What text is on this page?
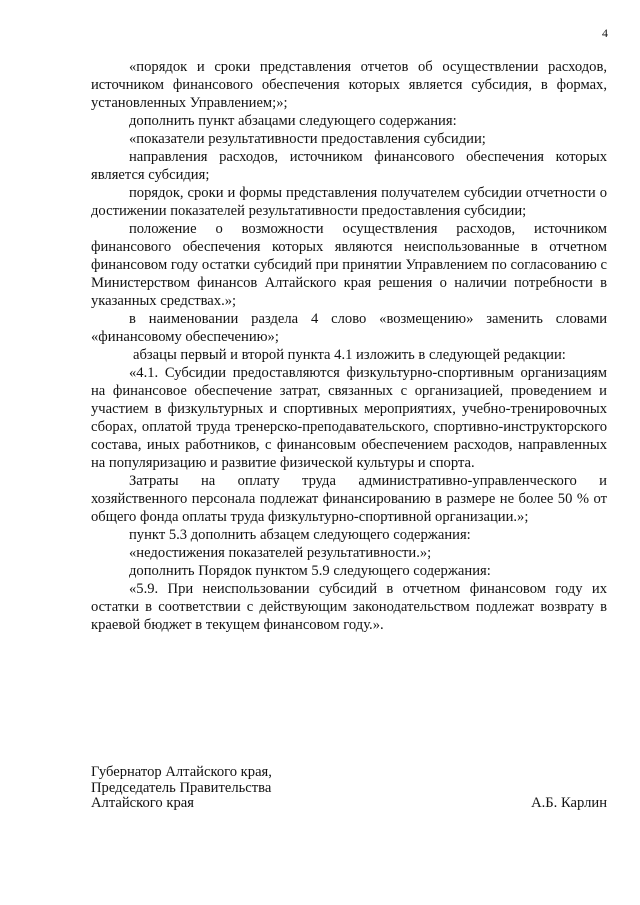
4

«порядок и сроки представления отчетов об осуществлении расходов, источником финансового обеспечения которых является субсидия, в формах, установленных Управлением;»;

дополнить пункт абзацами следующего содержания:

«показатели результативности предоставления субсидии;

направления расходов, источником финансового обеспечения которых является субсидия;

порядок, сроки и формы представления получателем субсидии отчетности о достижении показателей результативности предоставления субсидии;

положение о возможности осуществления расходов, источником финансового обеспечения которых являются неиспользованные в отчетном финансовом году остатки субсидий при принятии Управлением по согласованию с Министерством финансов Алтайского края решения о наличии потребности в указанных средствах.»;

в наименовании раздела 4 слово «возмещению» заменить словами «финансовому обеспечению»;

абзацы первый и второй пункта 4.1 изложить в следующей редакции:

«4.1. Субсидии предоставляются физкультурно-спортивным организациям на финансовое обеспечение затрат, связанных с организацией, проведением и участием в физкультурных и спортивных мероприятиях, учебно-тренировочных сборах, оплатой труда тренерско-преподавательского, спортивно-инструкторского состава, иных работников, с финансовым обеспечением расходов, направленных на популяризацию и развитие физической культуры и спорта.

Затраты на оплату труда административно-управленческого и хозяйственного персонала подлежат финансированию в размере не более 50 % от общего фонда оплаты труда физкультурно-спортивной организации.»;

пункт 5.3 дополнить абзацем следующего содержания:

«недостижения показателей результативности.»;

дополнить Порядок пунктом 5.9 следующего содержания:

«5.9. При неиспользовании субсидий в отчетном финансовом году их остатки в соответствии с действующим законодательством подлежат возврату в краевой бюджет в текущем финансовом году.».

Губернатор Алтайского края,
Председатель Правительства
Алтайского края	А.Б. Карлин
